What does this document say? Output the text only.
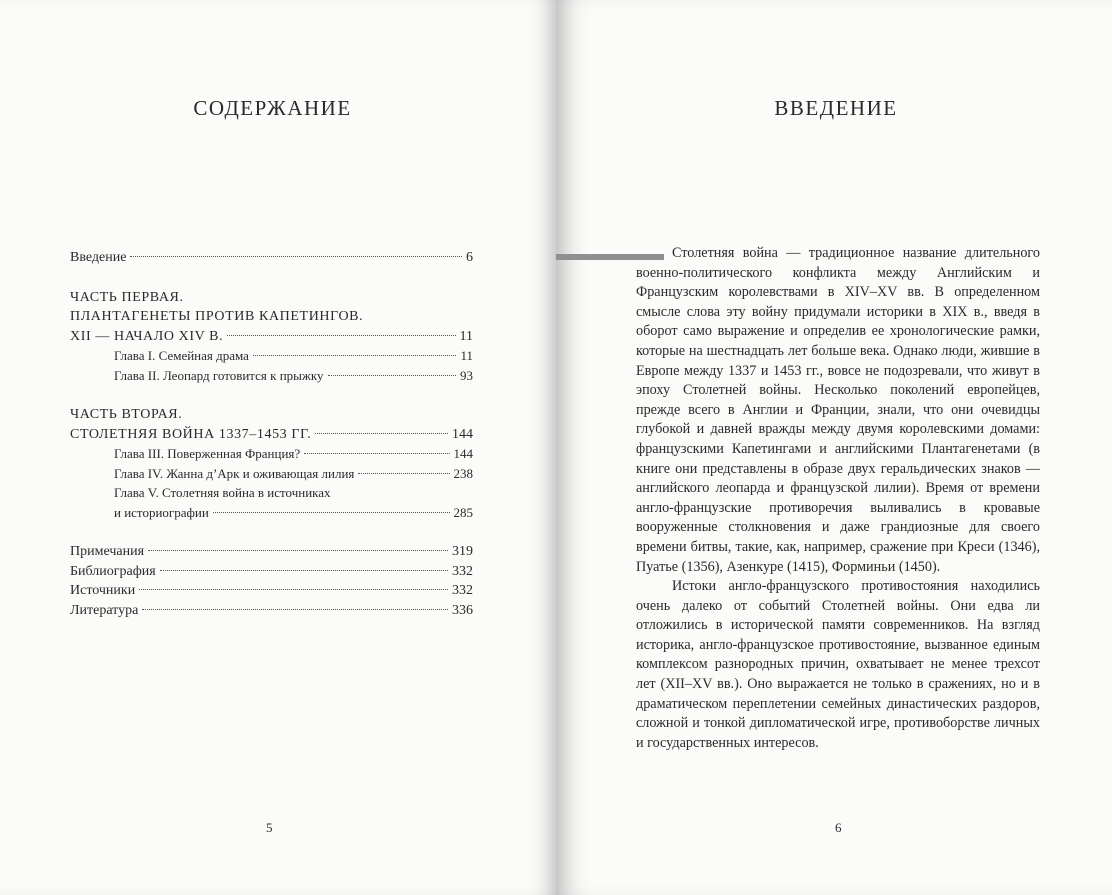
СОДЕРЖАНИЕ
Введение	6
ЧАСТЬ ПЕРВАЯ.
ПЛАНТАГЕНЕТЫ ПРОТИВ КАПЕТИНГОВ.
XII — НАЧАЛО XIV В.	11
Глава I. Семейная драма	11
Глава II. Леопард готовится к прыжку	93
ЧАСТЬ ВТОРАЯ.
СТОЛЕТНЯЯ ВОЙНА 1337–1453 ГГ.	144
Глава III. Поверженная Франция?	144
Глава IV. Жанна д’Арк и оживающая лилия	238
Глава V. Столетняя война в источниках
и историографии	285
Примечания	319
Библиография	332
Источники	332
Литература	336
5
ВВЕДЕНИЕ

Столетняя война — традиционное название длительного военно-политического конфликта между Английским и Французским королевствами в XIV–XV вв. В определенном смысле слова эту войну придумали историки в XIX в., введя в оборот само выражение и определив ее хронологические рамки, которые на шестнадцать лет больше века. Однако люди, жившие в Европе между 1337 и 1453 гг., вовсе не подозревали, что живут в эпоху Столетней войны. Несколько поколений европейцев, прежде всего в Англии и Франции, знали, что они очевидцы глубокой и давней вражды между двумя королевскими домами: французскими Капетингами и английскими Плантагенетами (в книге они представлены в образе двух геральдических знаков — английского леопарда и французской лилии). Время от времени англо-французские противоречия выливались в кровавые вооруженные столкновения и даже грандиозные для своего времени битвы, такие, как, например, сражение при Креси (1346), Пуатье (1356), Азенкуре (1415), Форминьи (1450).

Истоки англо-французского противостояния находились очень далеко от событий Столетней войны. Они едва ли отложились в исторической памяти современников. На взгляд историка, англо-французское противостояние, вызванное единым комплексом разнородных причин, охватывает не менее трехсот лет (XII–XV вв.). Оно выражается не только в сражениях, но и в драматическом переплетении семейных династических раздоров, сложной и тонкой дипломатической игре, противоборстве личных и государственных интересов.

6
